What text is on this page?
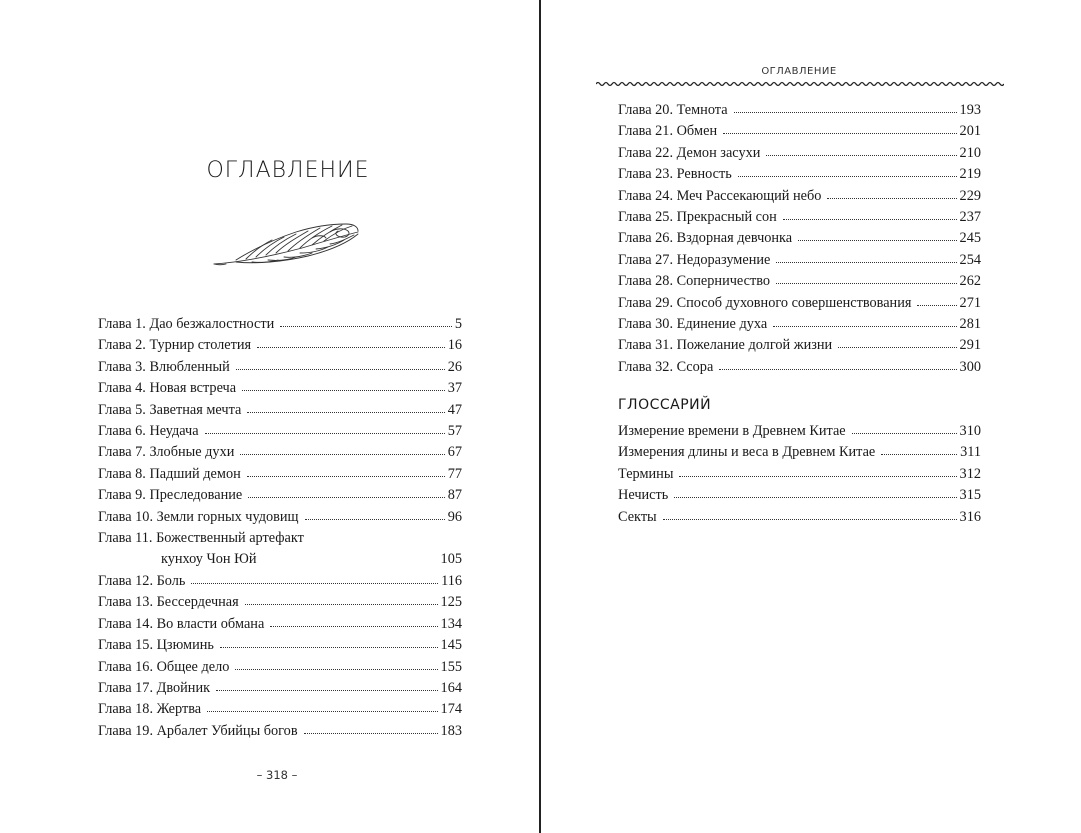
ОГЛАВЛЕНИЕ
Глава 1. Дао безжалостности	5
Глава 2. Турнир столетия	16
Глава 3. Влюбленный	26
Глава 4. Новая встреча	37
Глава 5. Заветная мечта	47
Глава 6. Неудача	57
Глава 7. Злобные духи	67
Глава 8. Падший демон	77
Глава 9. Преследование	87
Глава 10. Земли горных чудовищ	96
Глава 11. Божественный артефакт
кунхоу Чон Юй	105
Глава 12. Боль	116
Глава 13. Бессердечная	125
Глава 14. Во власти обмана	134
Глава 15. Цзюминь	145
Глава 16. Общее дело	155
Глава 17. Двойник	164
Глава 18. Жертва	174
Глава 19. Арбалет Убийцы богов	183
– 318 –
ОГЛАВЛЕНИЕ
Глава 20. Темнота	193
Глава 21. Обмен	201
Глава 22. Демон засухи	210
Глава 23. Ревность	219
Глава 24. Меч Рассекающий небо	229
Глава 25. Прекрасный сон	237
Глава 26. Вздорная девчонка	245
Глава 27. Недоразумение	254
Глава 28. Соперничество	262
Глава 29. Способ духовного совершенствования	271
Глава 30. Единение духа	281
Глава 31. Пожелание долгой жизни	291
Глава 32. Ссора	300
ГЛОССАРИЙ
Измерение времени в Древнем Китае	310
Измерения длины и веса в Древнем Китае	311
Термины	312
Нечисть	315
Секты	316
